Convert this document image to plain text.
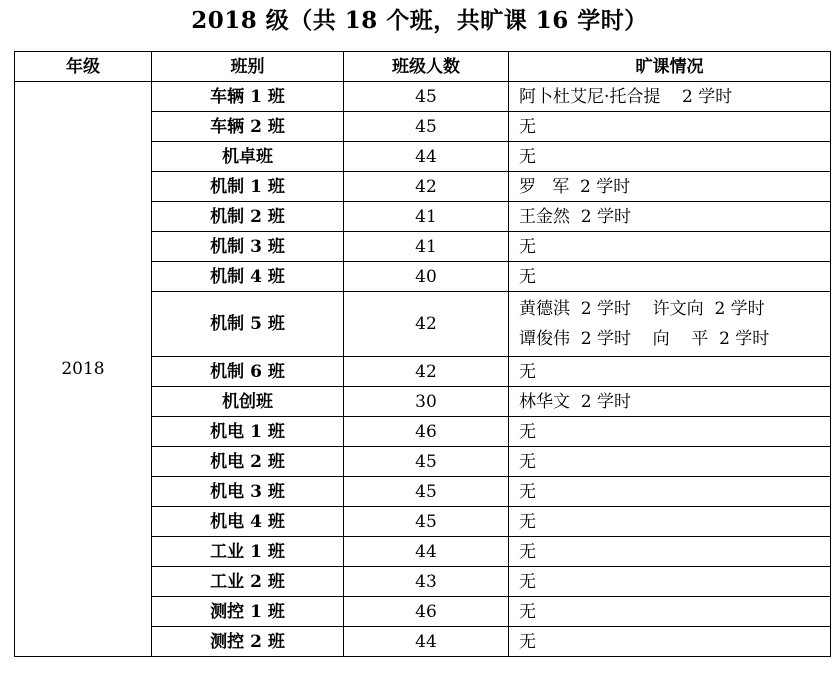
2018 级（共 18 个班，共旷课 16 学时）
年级	班别	班级人数	旷课情况
2018	车辆 1 班	45	阿卜杜艾尼·托合提    2 学时

	车辆 2 班	45	无

	机卓班	44	无

	机制 1 班	42	罗   军  2 学时

	机制 2 班	41	王金然  2 学时

	机制 3 班	41	无

	机制 4 班	40	无

	机制 5 班	42	黄德淇  2 学时    许文向  2 学时
谭俊伟  2 学时    向    平  2 学时

	机制 6 班	42	无

	机创班	30	林华文  2 学时

	机电 1 班	46	无

	机电 2 班	45	无

	机电 3 班	45	无

	机电 4 班	45	无

	工业 1 班	44	无

	工业 2 班	43	无

	测控 1 班	46	无

	测控 2 班	44	无
